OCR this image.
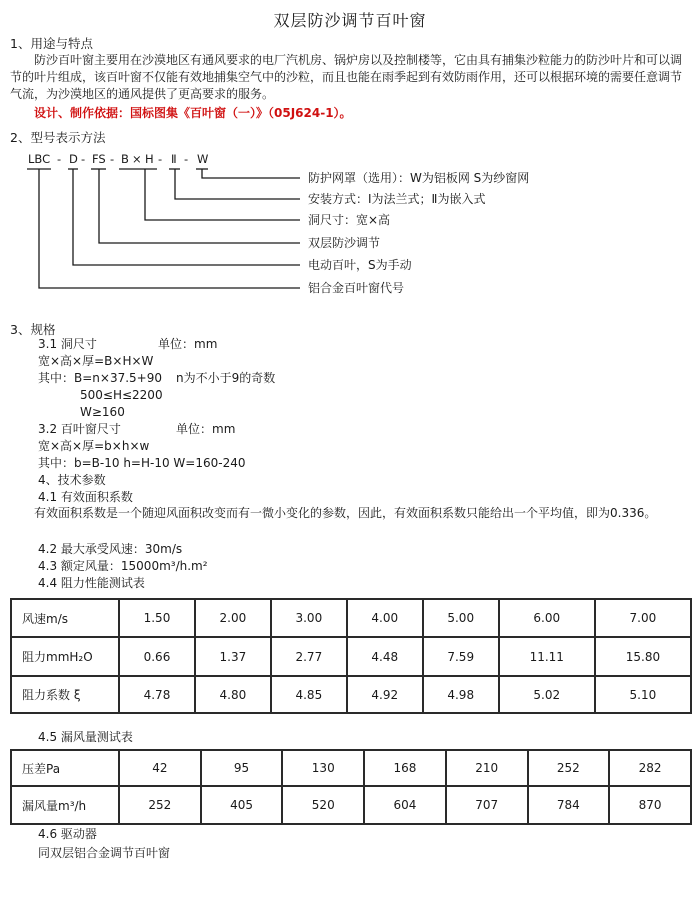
双层防沙调节百叶窗
1、用途与特点
防沙百叶窗主要用在沙漠地区有通风要求的电厂汽机房、锅炉房以及控制楼等，它由具有捕集沙粒能力的防沙叶片和可以调节的叶片组成，该百叶窗不仅能有效地捕集空气中的沙粒，而且也能在雨季起到有效防雨作用，还可以根据环境的需要任意调节气流，为沙漠地区的通风提供了更高要求的服务。
设计、制作依据：国标图集《百叶窗（一）》（05J624-1）。
2、型号表示方法
LBC - D - FS - B × H - Ⅱ - W
防护网罩（选用）：W为铝板网 S为纱窗网
安装方式：Ⅰ为法兰式；Ⅱ为嵌入式
洞尺寸：宽×高
双层防沙调节
电动百叶，S为手动
铝合金百叶窗代号
3、规格
3.1 洞尺寸	单位：mm
宽×高×厚=B×H×W
其中：B=n×37.5+90 n为不小于9的奇数
500≤H≤2200
W≥160
3.2 百叶窗尺寸	单位：mm
宽×高×厚=b×h×w
其中：b=B-10 h=H-10 W=160-240
4、技术参数
4.1 有效面积系数
有效面积系数是一个随迎风面积改变而有一微小变化的参数，因此，有效面积系数只能给出一个平均值，即为0.336。
4.2 最大承受风速：30m/s
4.3 额定风量：15000m³/h.m²
4.4 阻力性能测试表
风速m/s	1.50	2.00	3.00	4.00	5.00	6.00	7.00
阻力mmH₂O	0.66	1.37	2.77	4.48	7.59	11.11	15.80
阻力系数 ξ	4.78	4.80	4.85	4.92	4.98	5.02	5.10
4.5 漏风量测试表
压差Pa	42	95	130	168	210	252	282
漏风量m³/h	252	405	520	604	707	784	870
4.6 驱动器
同双层铝合金调节百叶窗
